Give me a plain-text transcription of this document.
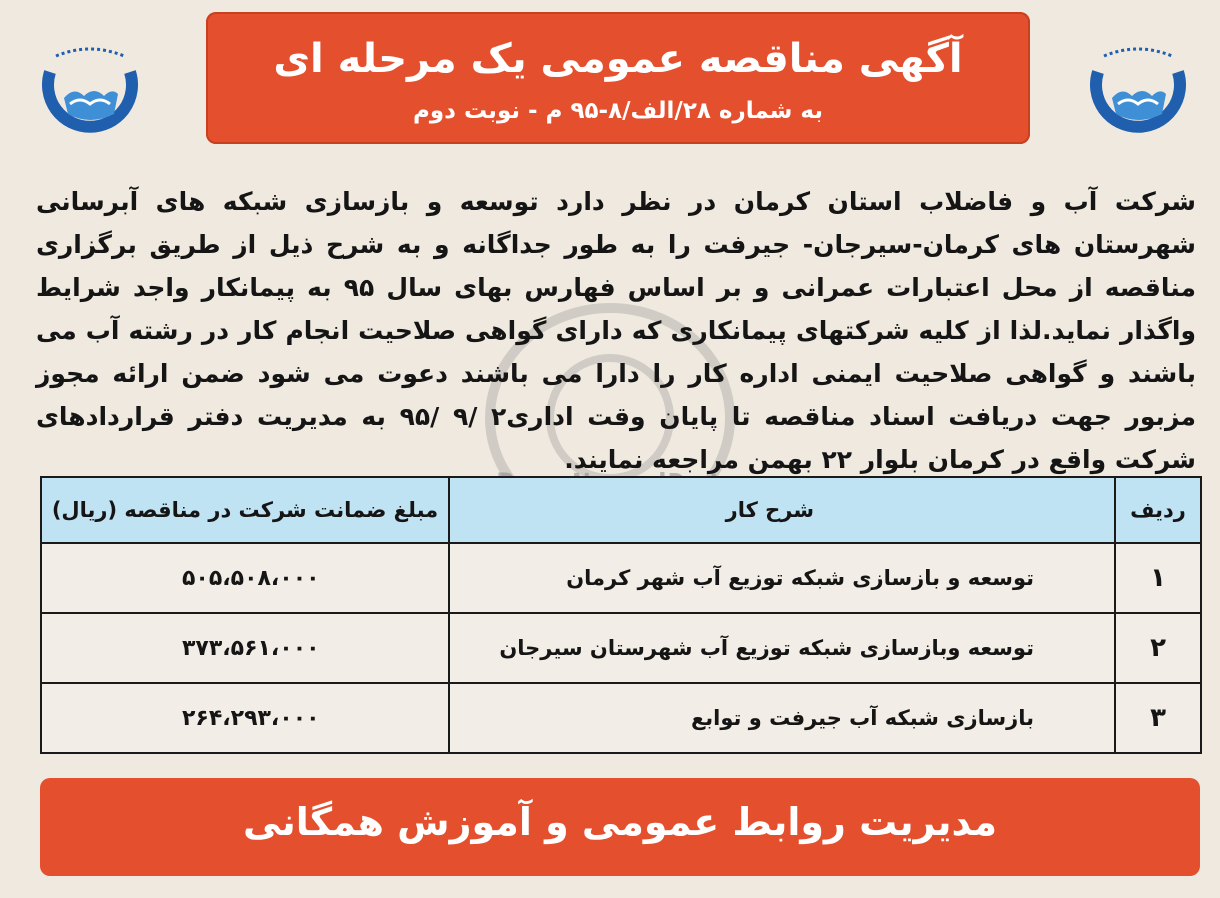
آگهی مناقصه عمومی یک مرحله ای
به شماره ۲۸/الف/۸-۹۵ م - نوبت دوم
شرکت آب و فاضلاب استان کرمان در نظر دارد توسعه و بازسازی شبکه های آبرسانی شهرستان های کرمان-سیرجان- جیرفت را به طور جداگانه و به شرح ذیل از طریق برگزاری مناقصه از محل اعتبارات عمرانی و بر اساس فهارس بهای سال ۹۵ به پیمانکار واجد شرایط واگذار نماید.لذا از کلیه شرکتهای پیمانکاری که دارای گواهی صلاحیت انجام کار در رشته آب می باشند و گواهی صلاحیت ایمنی اداره کار را دارا می باشند دعوت می شود ضمن ارائه مجوز مزبور جهت دریافت اسناد مناقصه تا پایان وقت اداری۲ /۹ /۹۵ به مدیریت دفتر قراردادهای شرکت واقع در کرمان بلوار ۲۲ بهمن مراجعه نمایند.
ردیف	شرح کار	مبلغ ضمانت شرکت در مناقصه (ریال)
۱	توسعه و بازسازی شبکه توزیع آب شهر کرمان	۵۰۵،۵۰۸،۰۰۰
۲	توسعه وبازسازی شبکه توزیع آب شهرستان سیرجان	۳۷۳،۵۶۱،۰۰۰
۳	بازسازی شبکه آب جیرفت و توابع	۲۶۴،۲۹۳،۰۰۰
مدیریت روابط عمومی و آموزش همگانی
